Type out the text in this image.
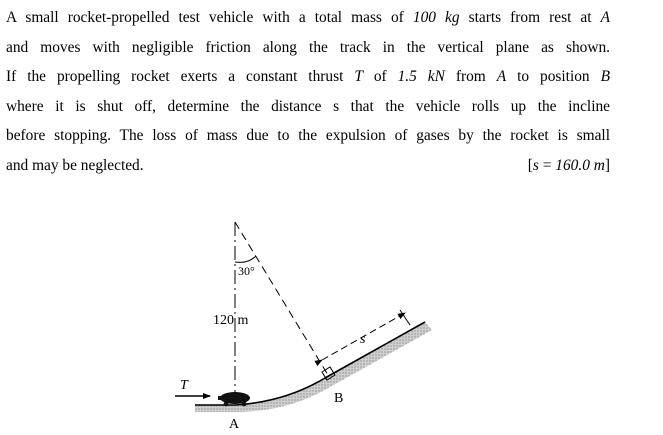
A small rocket-propelled test vehicle with a total mass of 100 kg starts from rest at A
and moves with negligible friction along the track in the vertical plane as shown.
If the propelling rocket exerts a constant thrust T of 1.5 kN from A to position B
where it is shut off, determine the distance s that the vehicle rolls up the incline
before stopping. The loss of mass due to the expulsion of gases by the rocket is small
and may be neglected.	[s = 160.0 m]
30°
120 m
s
T
A
B
